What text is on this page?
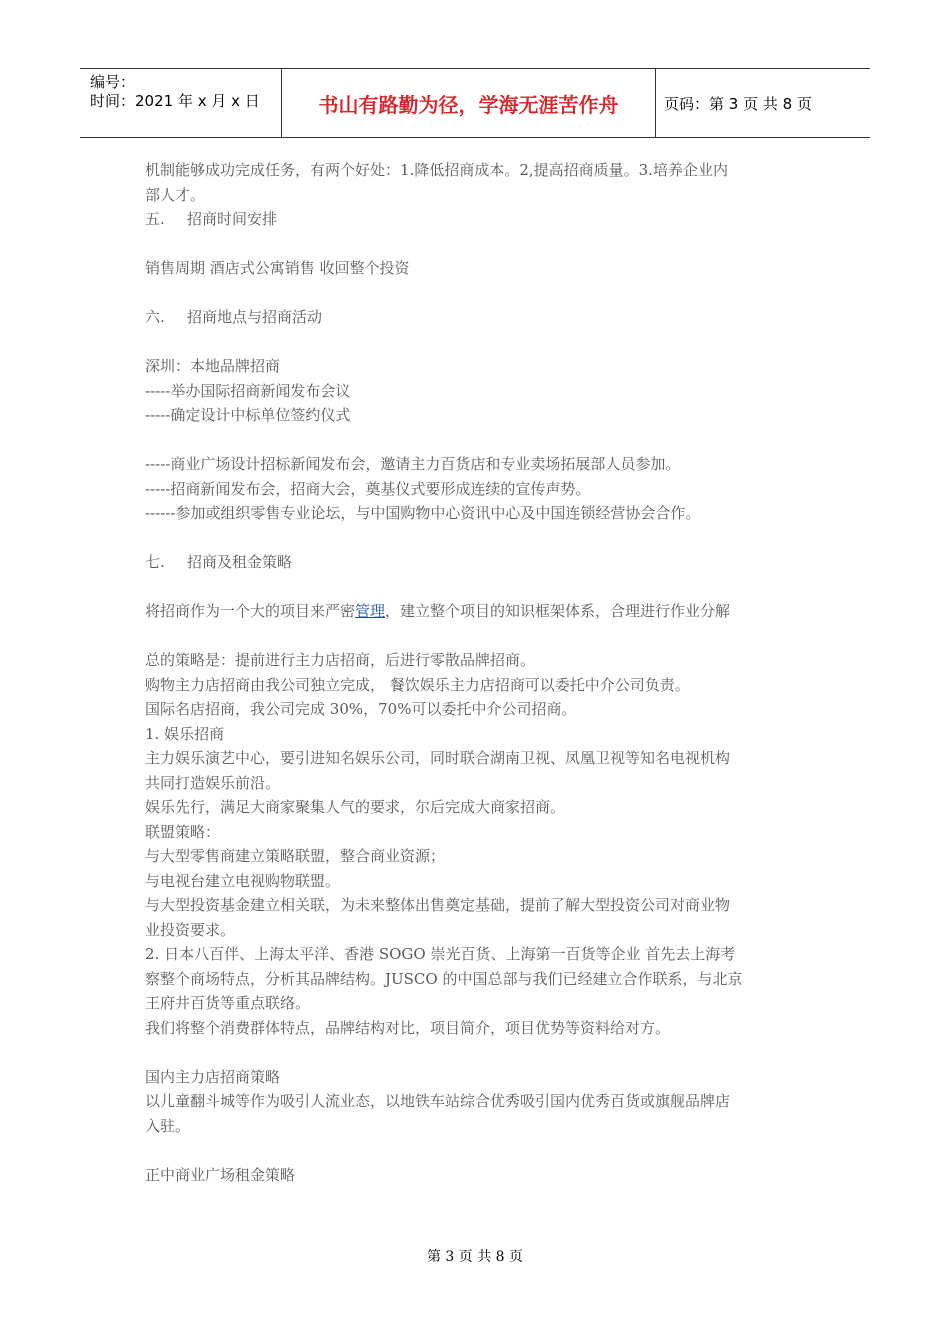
编号：
时间：2021 年 x 月 x 日	书山有路勤为径，学海无涯苦作舟	页码：第 3 页 共 8 页
机制能够成功完成任务，有两个好处：1.降低招商成本。2,提高招商质量。3.培养企业内
部人才。
五. 招商时间安排
销售周期 酒店式公寓销售 收回整个投资
六. 招商地点与招商活动
深圳：本地品牌招商
-----举办国际招商新闻发布会议
-----确定设计中标单位签约仪式
-----商业广场设计招标新闻发布会，邀请主力百货店和专业卖场拓展部人员参加。
-----招商新闻发布会，招商大会，奠基仪式要形成连续的宣传声势。
------参加或组织零售专业论坛，与中国购物中心资讯中心及中国连锁经营协会合作。
七. 招商及租金策略
将招商作为一个大的项目来严密管理，建立整个项目的知识框架体系，合理进行作业分解
总的策略是：提前进行主力店招商，后进行零散品牌招商。
购物主力店招商由我公司独立完成， 餐饮娱乐主力店招商可以委托中介公司负责。
国际名店招商，我公司完成 30%，70%可以委托中介公司招商。
1. 娱乐招商
主力娱乐演艺中心，要引进知名娱乐公司，同时联合湖南卫视、凤凰卫视等知名电视机构
共同打造娱乐前沿。
娱乐先行，满足大商家聚集人气的要求，尔后完成大商家招商。
联盟策略：
与大型零售商建立策略联盟，整合商业资源；
与电视台建立电视购物联盟。
与大型投资基金建立相关联，为未来整体出售奠定基础，提前了解大型投资公司对商业物
业投资要求。
2. 日本八百伴、上海太平洋、香港 SOGO 崇光百货、上海第一百货等企业 首先去上海考
察整个商场特点，分析其品牌结构。JUSCO 的中国总部与我们已经建立合作联系，与北京
王府井百货等重点联络。
我们将整个消费群体特点，品牌结构对比，项目简介，项目优势等资料给对方。
国内主力店招商策略
以儿童翻斗城等作为吸引人流业态，以地铁车站综合优秀吸引国内优秀百货或旗舰品牌店
入驻。
正中商业广场租金策略
第 3 页 共 8 页
